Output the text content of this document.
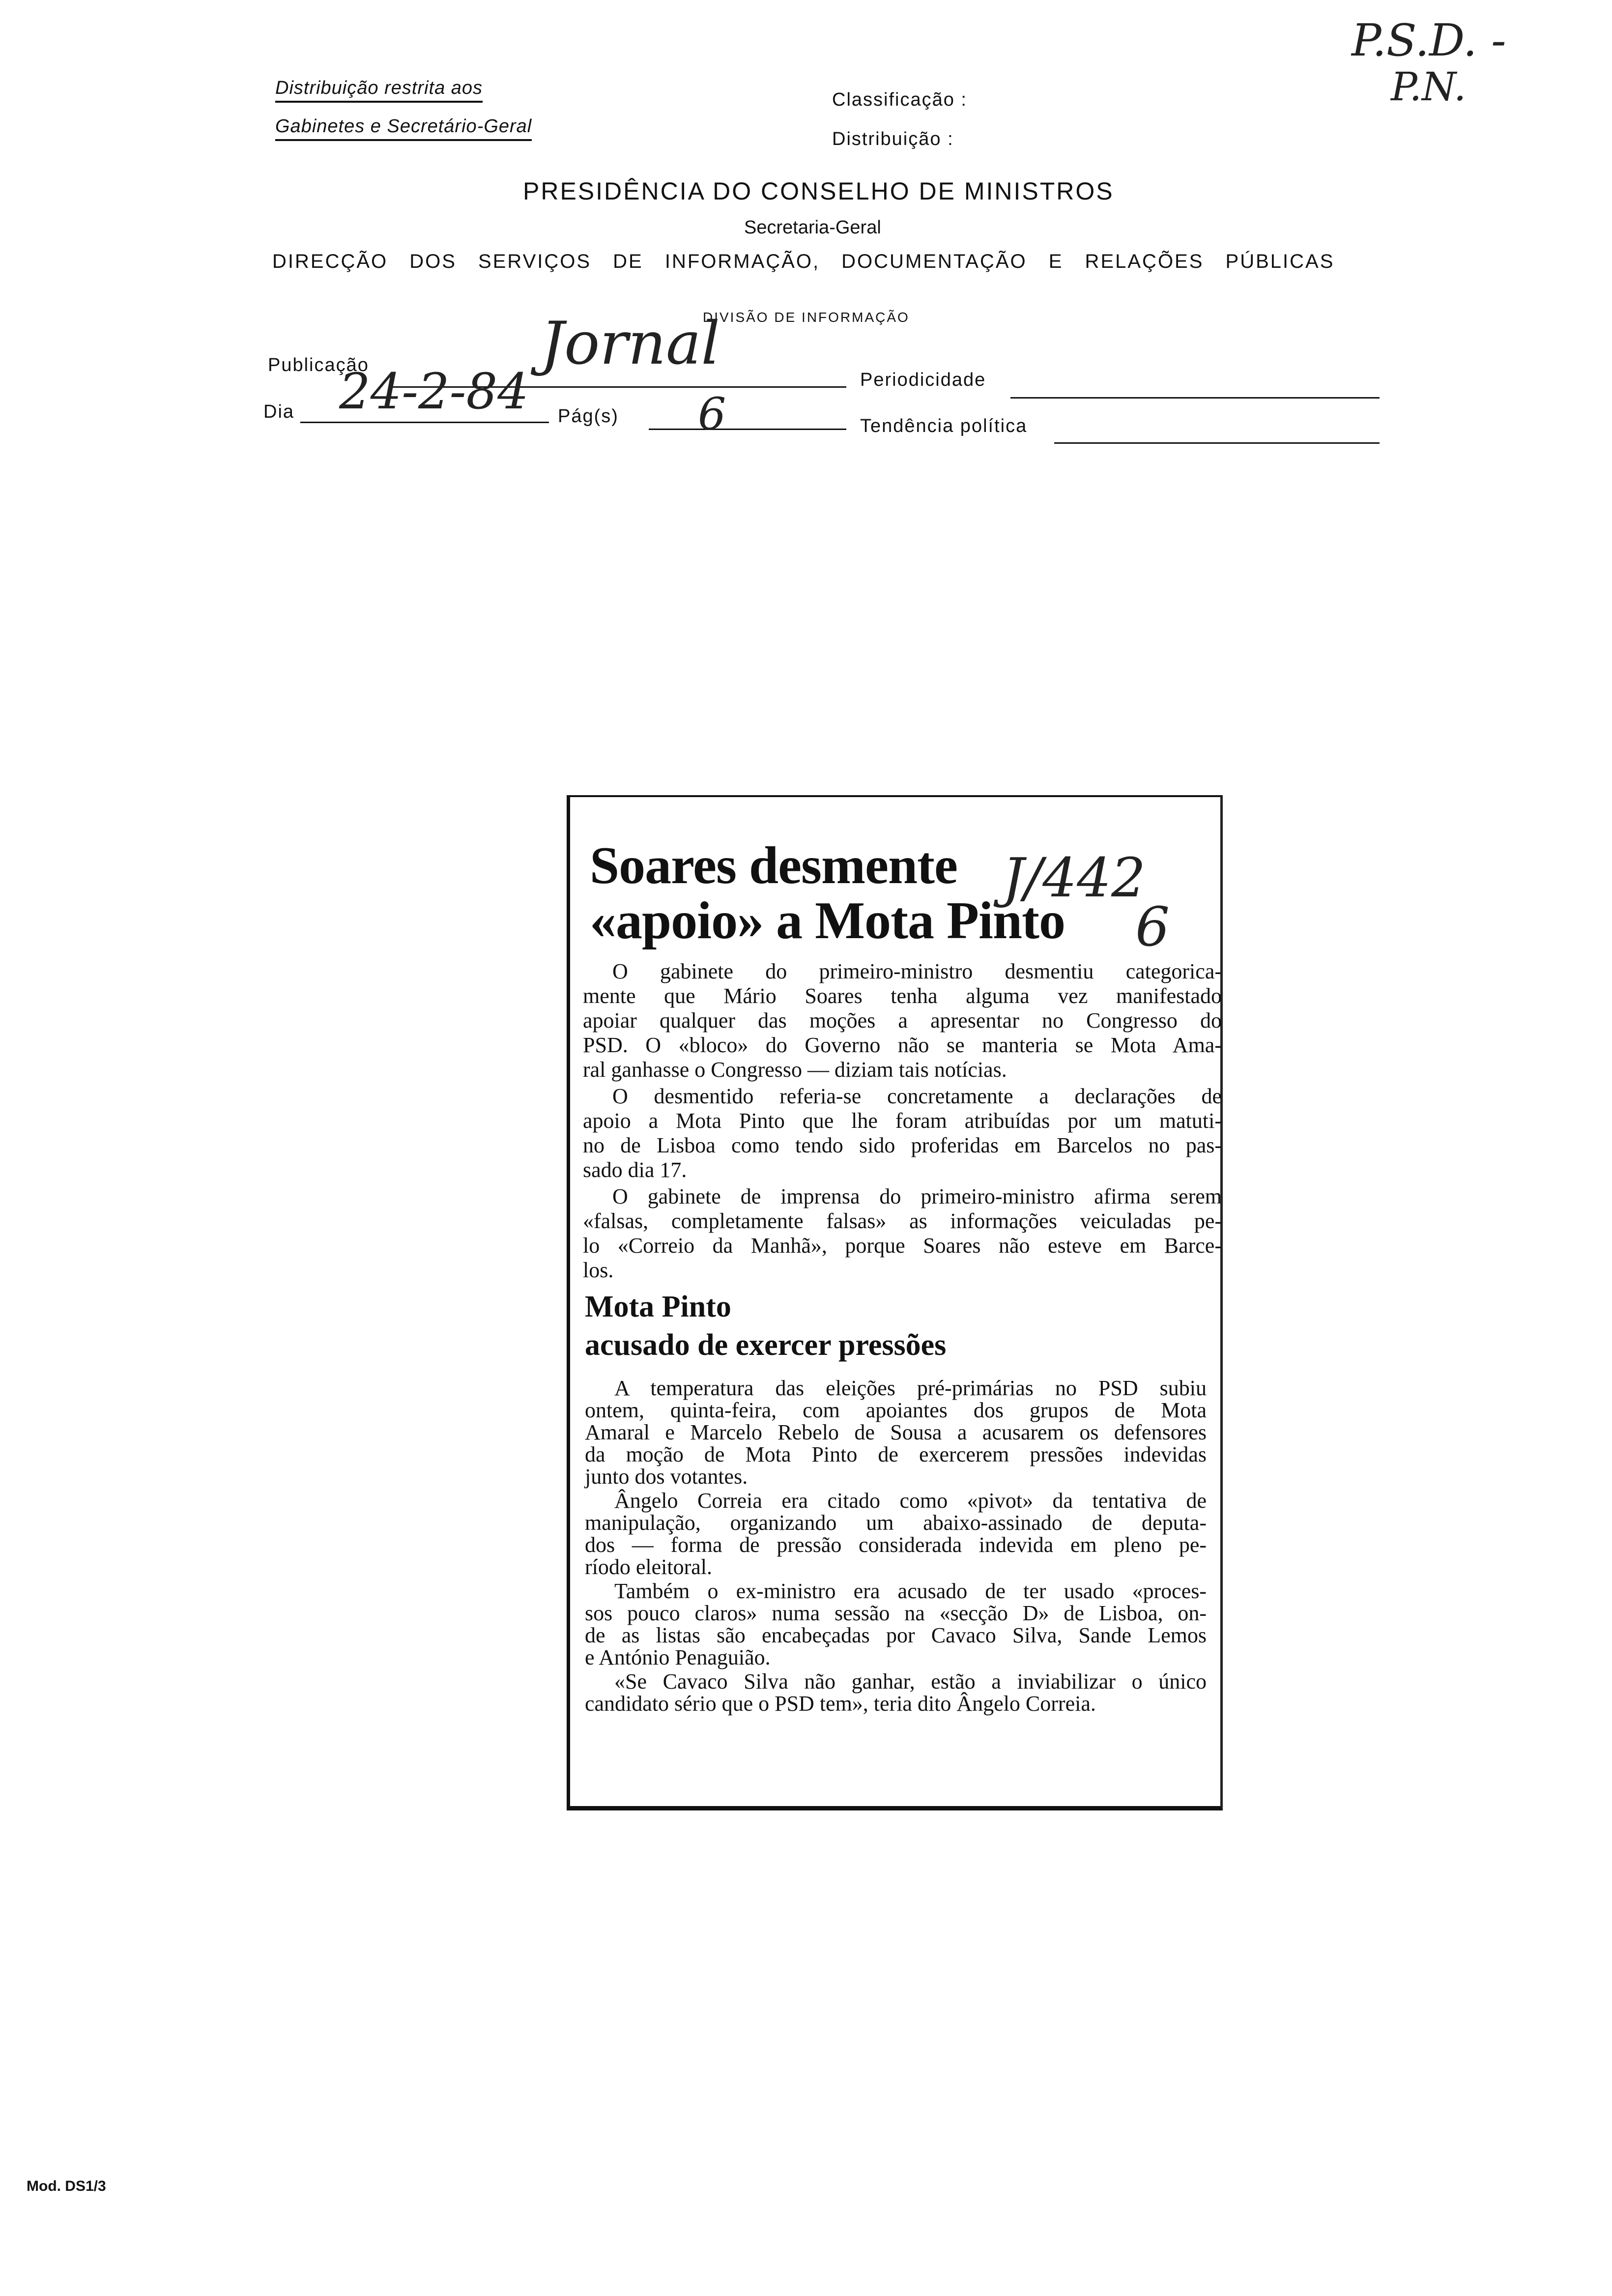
Distribuição restrita aos
Gabinetes e Secretário-Geral
Classificação :
Distribuição :
PRESIDÊNCIA DO CONSELHO DE MINISTROS
Secretaria-Geral
DIRECÇÃO DOS SERVIÇOS DE INFORMAÇÃO, DOCUMENTAÇÃO E RELAÇÕES PÚBLICAS
DIVISÃO DE INFORMAÇÃO
Publicação	Jornal
Periodicidade
Dia 24-2-84 Pág(s) 6	Tendência política
P.S.D. -
P.N.
Soares desmente
«apoio» a Mota Pinto
J/442
6
O gabinete do primeiro-ministro desmentiu categorica-
mente que Mário Soares tenha alguma vez manifestado
apoiar qualquer das moções a apresentar no Congresso do
PSD. O «bloco» do Governo não se manteria se Mota Ama-
ral ganhasse o Congresso — diziam tais notícias.
O desmentido referia-se concretamente a declarações de
apoio a Mota Pinto que lhe foram atribuídas por um matuti-
no de Lisboa como tendo sido proferidas em Barcelos no pas-
sado dia 17.
O gabinete de imprensa do primeiro-ministro afirma serem
«falsas, completamente falsas» as informações veiculadas pe-
lo «Correio da Manhã», porque Soares não esteve em Barce-
los.
Mota Pinto
acusado de exercer pressões
A temperatura das eleições pré-primárias no PSD subiu
ontem, quinta-feira, com apoiantes dos grupos de Mota
Amaral e Marcelo Rebelo de Sousa a acusarem os defensores
da moção de Mota Pinto de exercerem pressões indevidas
junto dos votantes.
Ângelo Correia era citado como «pivot» da tentativa de
manipulação, organizando um abaixo-assinado de deputa-
dos — forma de pressão considerada indevida em pleno pe-
ríodo eleitoral.
Também o ex-ministro era acusado de ter usado «proces-
sos pouco claros» numa sessão na «secção D» de Lisboa, on-
de as listas são encabeçadas por Cavaco Silva, Sande Lemos
e António Penaguião.
«Se Cavaco Silva não ganhar, estão a inviabilizar o único
candidato sério que o PSD tem», teria dito Ângelo Correia.
Mod. DS1/3
